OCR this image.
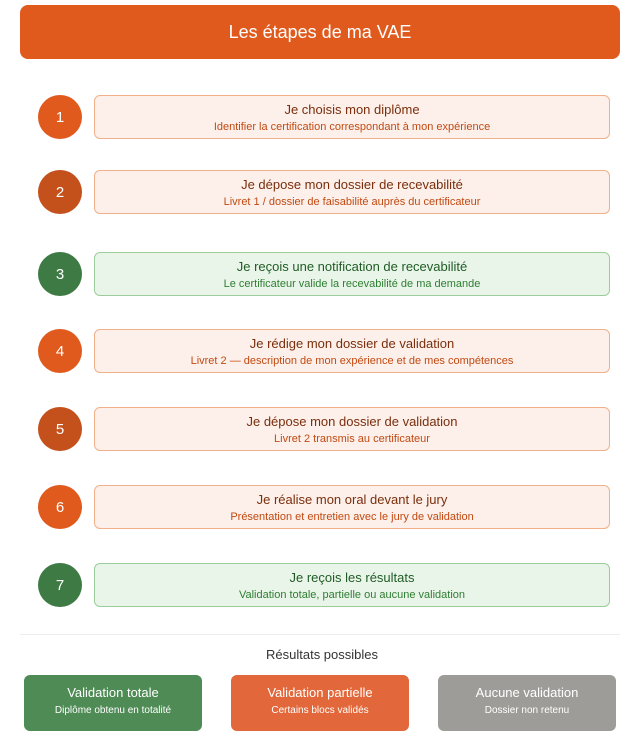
Les étapes de ma VAE
1	Je choisis mon diplôme
Identifier la certification correspondant à mon expérience
2	Je dépose mon dossier de recevabilité
Livret 1 / dossier de faisabilité auprès du certificateur
3	Je reçois une notification de recevabilité
Le certificateur valide la recevabilité de ma demande
4	Je rédige mon dossier de validation
Livret 2 — description de mon expérience et de mes compétences
5	Je dépose mon dossier de validation
Livret 2 transmis au certificateur
6	Je réalise mon oral devant le jury
Présentation et entretien avec le jury de validation
7	Je reçois les résultats
Validation totale, partielle ou aucune validation
Résultats possibles
Validation totale
Diplôme obtenu en totalité
Validation partielle
Certains blocs validés
Aucune validation
Dossier non retenu
